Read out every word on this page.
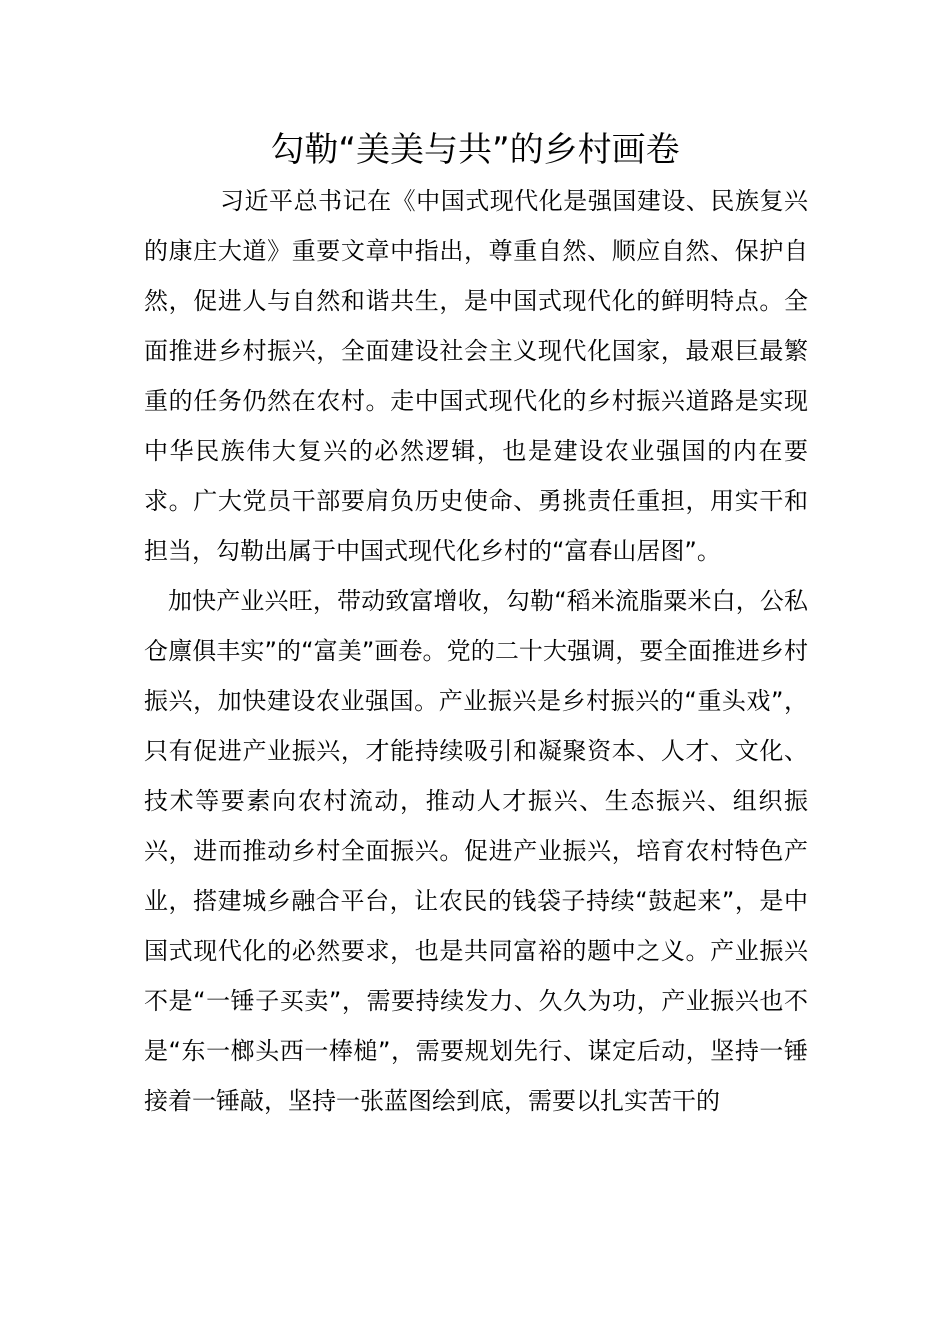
勾勒“美美与共”的乡村画卷

习近平总书记在《中国式现代化是强国建设、民族复兴的康庄大道》重要文章中指出，尊重自然、顺应自然、保护自然，促进人与自然和谐共生，是中国式现代化的鲜明特点。全面推进乡村振兴，全面建设社会主义现代化国家，最艰巨最繁重的任务仍然在农村。走中国式现代化的乡村振兴道路是实现中华民族伟大复兴的必然逻辑，也是建设农业强国的内在要求。广大党员干部要肩负历史使命、勇挑责任重担，用实干和担当，勾勒出属于中国式现代化乡村的“富春山居图”。

加快产业兴旺，带动致富增收，勾勒“稻米流脂粟米白，公私仓廪俱丰实”的“富美”画卷。党的二十大强调，要全面推进乡村振兴，加快建设农业强国。产业振兴是乡村振兴的“重头戏”，只有促进产业振兴，才能持续吸引和凝聚资本、人才、文化、技术等要素向农村流动，推动人才振兴、生态振兴、组织振兴，进而推动乡村全面振兴。促进产业振兴，培育农村特色产业，搭建城乡融合平台，让农民的钱袋子持续“鼓起来”，是中国式现代化的必然要求，也是共同富裕的题中之义。产业振兴不是“一锤子买卖”，需要持续发力、久久为功，产业振兴也不是“东一榔头西一棒槌”，需要规划先行、谋定后动，坚持一锤接着一锤敲，坚持一张蓝图绘到底，需要以扎实苦干的
